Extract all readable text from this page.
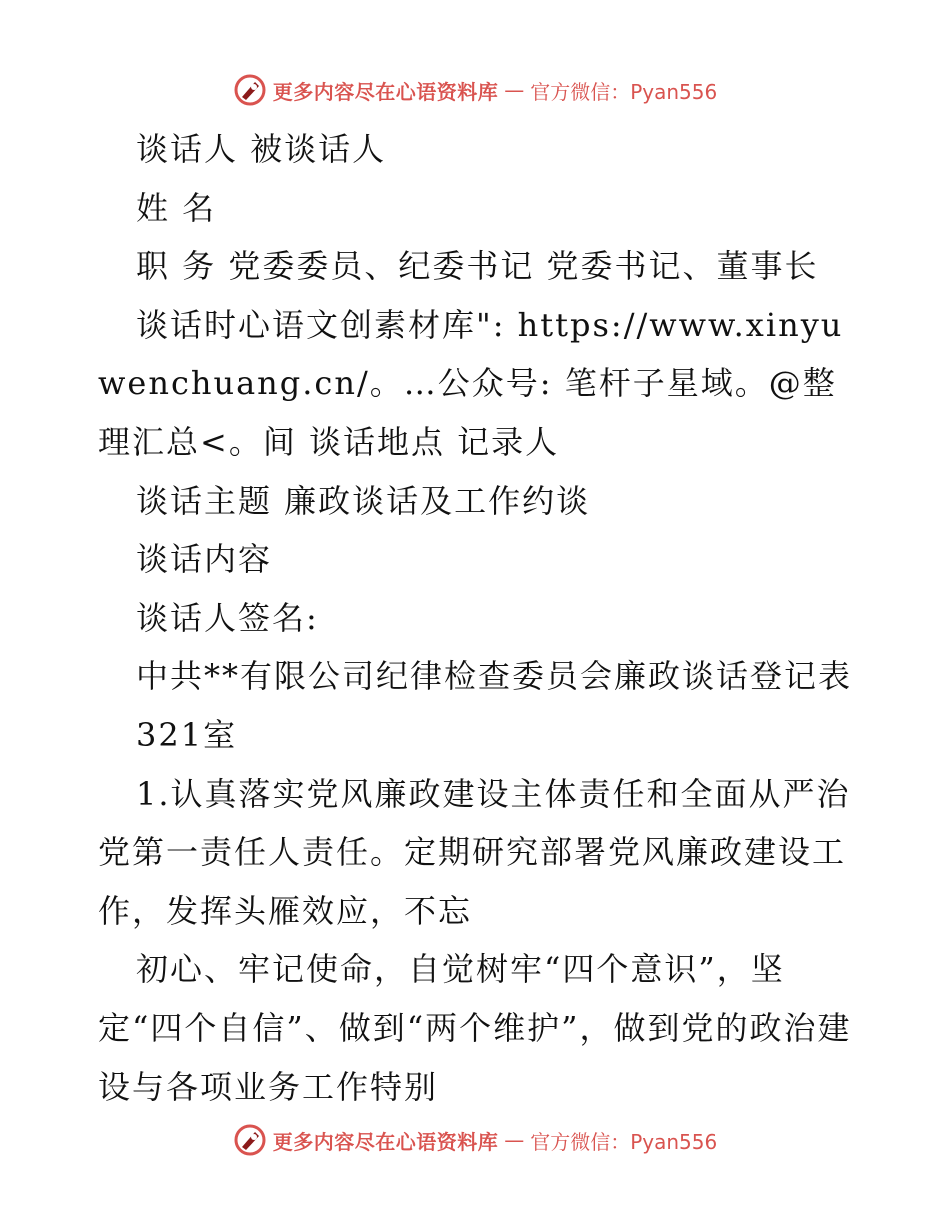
更多内容尽在心语资料库 — 官方微信：Pyan556

谈话人 被谈话人

姓 名

职 务 党委委员、纪委书记 党委书记、董事长

谈话时心语文创素材库": https://www.xinyuwenchuang.cn/。…公众号: 笔杆子星域。@整理汇总<。间 谈话地点 记录人

谈话主题 廉政谈话及工作约谈

谈话内容

谈话人签名:

中共**有限公司纪律检查委员会廉政谈话登记表

321室

1.认真落实党风廉政建设主体责任和全面从严治党第一责任人责任。定期研究部署党风廉政建设工作，发挥头雁效应，不忘

初心、牢记使命，自觉树牢“四个意识”，坚定“四个自信”、做到“两个维护”，做到党的政治建设与各项业务工作特别

更多内容尽在心语资料库 — 官方微信：Pyan556
